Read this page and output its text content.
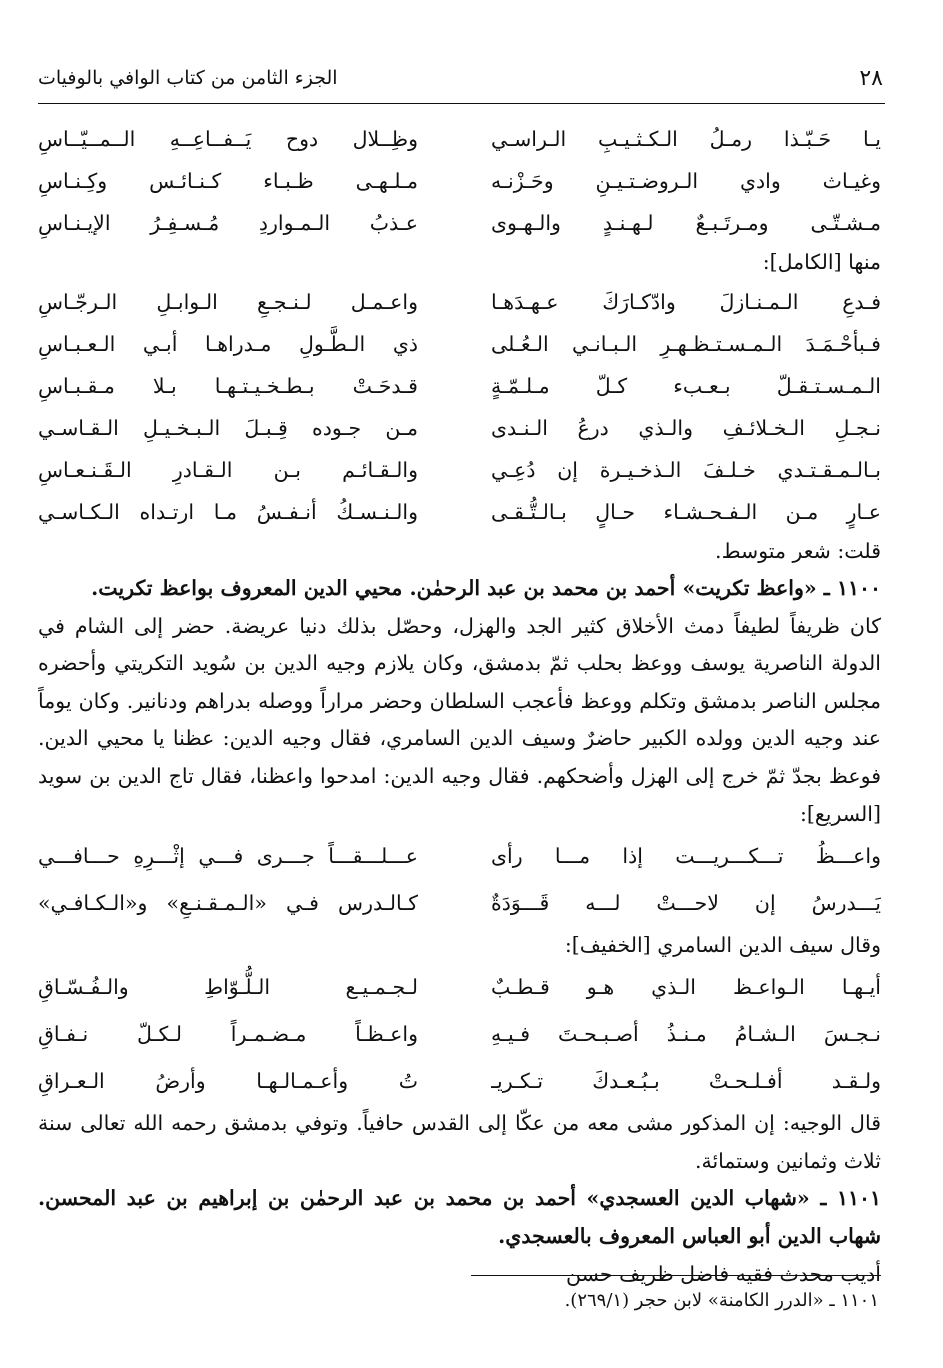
٢٨
الجزء الثامن من كتاب الوافي بالوفيات
يـا حَـبّـذا رمـلُ الـكـثـيـبِ الـراسـي
وظِــلال دوح يَــفــاعِــهِ الــمــيّــاسِ
وغيـاث وادي الـروضـتـيـنِ وحَـزْنـه
مـلـهـى ظـبـاء كـنـائـس وكِـنـاسِ
مـشـتّـى ومـرتَـبـعٌ لـهـنـدٍ والـهـوى
عـذبُ الـمـواردِ مُـسـفِـرُ الإيـنـاسِ
منها [الكامل]:
فـدعِ الـمـنـازلَ وادّكـارَكَ عـهـدَهـا
واعـمـل لـنـجـعِ الـوابـلِ الـرجّـاسِ
فـبأحْـمَـدَ الـمـسـتـظـهـرِ الـبـانـي الـعُـلى
ذي الـطَّـولِ مـدراهـا أبـي الـعـبـاسِ
الـمـسـتـقـلّ بـعـبء كـلّ مـلـمّـةٍ
قـدحَـتْ بـطـخـيـتـهـا بـلا مـقـبـاسِ
نـجـلِ الـخـلائـفِ والـذي درعُ الـنـدى
مـن جـوده قِـبـلَ الـبـخـيـلِ الـقـاسـي
بـالـمـقـتـدي خـلـفَ الـذخـيـرة إن دُعِـي
والـقـائـم بـن الـقـادرِ الـقَـنـعـاسِ
عـارٍ مـن الـفـحـشـاء حـالٍ بـالـتُّـقـى
والـنـسـكُ أنـفـسُ مـا ارتـداه الـكـاسـي
قلت: شعر متوسط.

١١٠٠ ـ «واعظ تكريت» أحمد بن محمد بن عبد الرحمٰن. محيي الدين المعروف بواعظ تكريت.

كان ظريفاً لطيفاً دمث الأخلاق كثير الجد والهزل، وحصّل بذلك دنيا عريضة. حضر إلى الشام في الدولة الناصرية يوسف ووعظ بحلب ثمّ بدمشق، وكان يلازم وجيه الدين بن سُويد التكريتي وأحضره مجلس الناصر بدمشق وتكلم ووعظ فأعجب السلطان وحضر مراراً ووصله بدراهم ودنانير. وكان يوماً عند وجيه الدين وولده الكبير حاضرٌ وسيف الدين السامري، فقال وجيه الدين: عظنا يا محيي الدين. فوعظ بجدّ ثمّ خرج إلى الهزل وأضحكهم. فقال وجيه الدين: امدحوا واعظنا، فقال تاج الدين بن سويد [السريع]:

واعـــظُ تـــكـــريـــت إذا مـــا رأى
عـــلـــقـــاً جـــرى فـــي إثْـــرِهِ حـــافـــي
يَـــدرسُ إن لاحـــتْ لـــه قَـــوَدَةٌ
كـالـدرس فـي «الـمـقـنـعِ» و«الـكـافـي»
وقال سيف الدين السامري [الخفيف]:
أيـهـا الـواعـظ الـذي هـو قـطـبٌ
لـجـمـيـع الـلُّـوّاطِ والـفُـسّـاقِ
نـجـسَ الـشـامُ مـنـذُ أصـبـحـتَ فـيـهِ
واعـظـاً مـضـمـراً لـكـلّ نـفـاقِ
ولـقـد أفـلـحـتْ بـبُـعـدكَ تـكـريـ
تُ وأعـمـالـهـا وأرضُ الـعـراقِ

قال الوجيه: إن المذكور مشى معه من عكّا إلى القدس حافياً. وتوفي بدمشق رحمه الله تعالى سنة ثلاث وثمانين وستمائة.

١١٠١ ـ «شهاب الدين العسجدي» أحمد بن محمد بن عبد الرحمٰن بن إبراهيم بن عبد المحسن. شهاب الدين أبو العباس المعروف بالعسجدي.

أديب محدث فقيه فاضل ظريف حسن

١١٠١ ـ «الدرر الكامنة» لابن حجر (٢٦٩/١).
